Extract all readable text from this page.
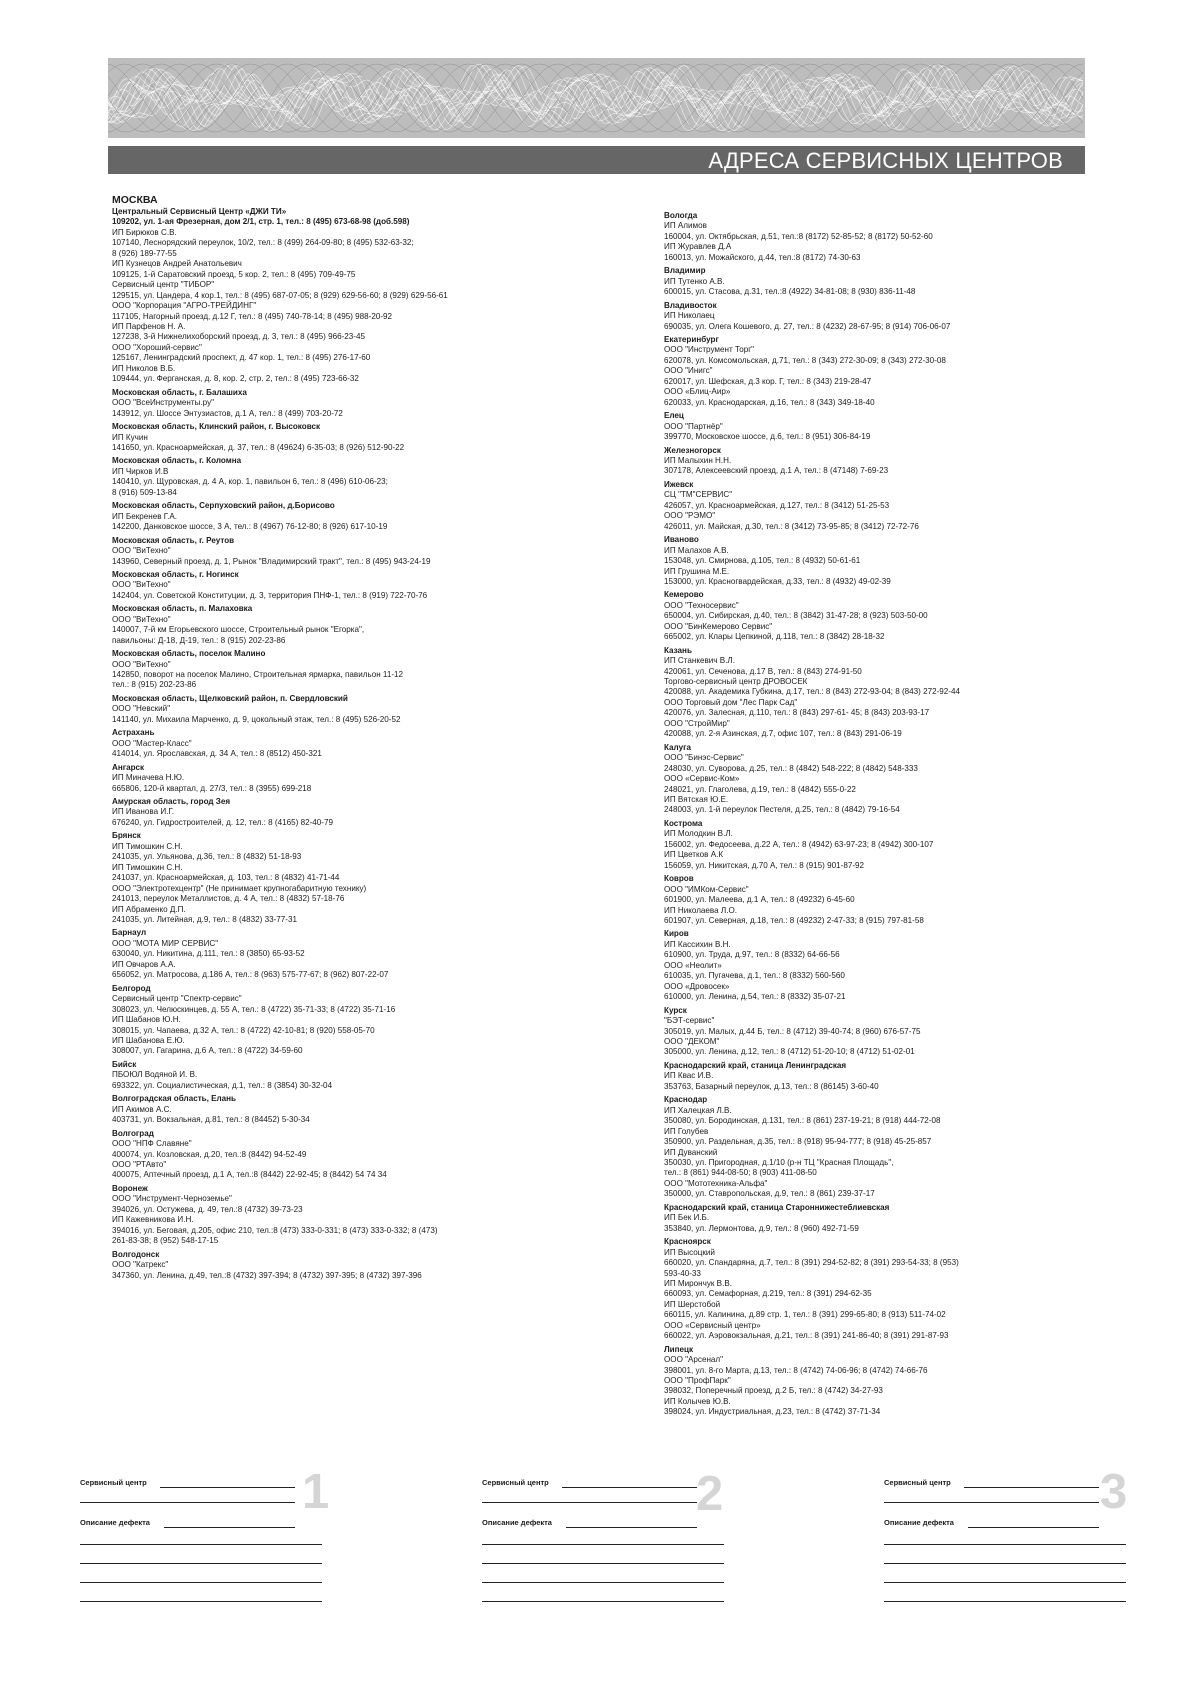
АДРЕСА СЕРВИСНЫХ ЦЕНТРОВ
МОСКВА
Центральный Сервисный Центр «ДЖИ ТИ»
109202, ул. 1-ая Фрезерная, дом 2/1, стр. 1, тел.: 8 (495) 673-68-98 (доб.598)
ИП Бирюков С.В.
107140, Леснорядский переулок, 10/2, тел.: 8 (499) 264-09-80; 8 (495) 532-63-32;
8 (926) 189-77-55
ИП Кузнецов Андрей Анатольевич
109125, 1-й Саратовский проезд, 5 кор. 2, тел.: 8 (495) 709-49-75
Сервисный центр "ТИБОР"
129515, ул. Цандера, 4 кор.1, тел.: 8 (495) 687-07-05; 8 (929) 629-56-60; 8 (929) 629-56-61
ООО "Корпорация "АГРО-ТРЕЙДИНГ"
117105, Нагорный проезд, д.12 Г, тел.: 8 (495) 740-78-14; 8 (495) 988-20-92
ИП Парфенов Н. А.
127238, 3-й Нижнелихоборский проезд, д. 3, тел.: 8 (495) 966-23-45
ООО "Хороший-сервис"
125167, Ленинградский проспект, д. 47 кор. 1, тел.: 8 (495) 276-17-60
ИП Николов В.Б.
109444, ул. Ферганская, д. 8, кор. 2, стр. 2, тел.: 8 (495) 723-66-32
Московская область, г. Балашиха
ООО "ВсеИнструменты.ру"
143912, ул. Шоссе Энтузиастов, д.1 А, тел.: 8 (499) 703-20-72
Московская область, Клинский район, г. Высоковск
ИП Кучин
141650, ул. Красноармейская, д. 37, тел.: 8 (49624) 6-35-03; 8 (926) 512-90-22
Московская область, г. Коломна
ИП Чирков И.В
140410, ул. Щуровская, д. 4 А, кор. 1, павильон 6, тел.: 8 (496) 610-06-23;
8 (916) 509-13-84
Московская область, Серпуховский район, д.Борисово
ИП Бекренев Г.А.
142200, Данковское шоссе, 3 А, тел.: 8 (4967) 76-12-80; 8 (926) 617-10-19
Московская область, г. Реутов
ООО "ВиТехно"
143960, Северный проезд, д. 1, Рынок "Владимирский тракт", тел.: 8 (495) 943-24-19
Московская область, г. Ногинск
ООО "ВиТехно"
142404, ул. Советской Конституции, д. 3, территория ПНФ-1, тел.: 8 (919) 722-70-76
Московская область, п. Малаховка
ООО "ВиТехно"
140007, 7-й км Егорьевского шоссе, Строительный рынок "Егорка",
павильоны: Д-18, Д-19, тел.: 8 (915) 202-23-86
Московская область, поселок Малино
ООО "ВиТехно"
142850, поворот на поселок Малино, Строительная ярмарка, павильон 11-12
тел.: 8 (915) 202-23-86
Московская область, Щелковский район, п. Свердловский
ООО "Невский"
141140, ул. Михаила Марченко, д. 9, цокольный этаж, тел.: 8 (495) 526-20-52
Астрахань
ООО "Мастер-Класс"
414014, ул. Ярославская, д. 34 А, тел.: 8 (8512) 450-321
Ангарск
ИП Миначева Н.Ю.
665806, 120-й квартал, д. 27/3, тел.: 8 (3955) 699-218
Амурская область, город Зея
ИП Иванова И.Г.
676240, ул. Гидростроителей, д. 12, тел.: 8 (4165) 82-40-79
Брянск
ИП Тимошкин С.Н.
241035, ул. Ульянова, д.36, тел.: 8 (4832) 51-18-93
ИП Тимошкин С.Н.
241037, ул. Красноармейская, д. 103, тел.: 8 (4832) 41-71-44
ООО "Электротехцентр" (Не принимает крупногабаритную технику)
241013, переулок Металлистов, д. 4 А, тел.: 8 (4832) 57-18-76
ИП Абраменко Д.П.
241035, ул. Литейная, д.9, тел.: 8 (4832) 33-77-31
Барнаул
ООО "МОТА МИР СЕРВИС"
630040, ул. Никитина, д.111, тел.: 8 (3850) 65-93-52
ИП Овчаров А.А.
656052, ул. Матросова, д.186 А, тел.: 8 (963) 575-77-67; 8 (962) 807-22-07
Белгород
Сервисный центр "Спектр-сервис"
308023, ул. Челюскинцев, д. 55 А, тел.: 8 (4722) 35-71-33; 8 (4722) 35-71-16
ИП Шабанов Ю.Н.
308015, ул. Чапаева, д.32 А, тел.: 8 (4722) 42-10-81; 8 (920) 558-05-70
ИП Шабанова Е.Ю.
308007, ул. Гагарина, д.6 А, тел.: 8 (4722) 34-59-60
Бийск
ПБОЮЛ Водяной И. В.
693322, ул. Социалистическая, д.1, тел.: 8 (3854) 30-32-04
Волгоградская область, Елань
ИП Акимов А.С.
403731, ул. Вокзальная, д.81, тел.: 8 (84452) 5-30-34
Волгоград
ООО "НПФ Славяне"
400074, ул. Козловская, д.20, тел.:8 (8442) 94-52-49
ООО "РТАвто"
400075, Аптечный проезд, д.1 А, тел.:8 (8442) 22-92-45; 8 (8442) 54 74 34
Воронеж
ООО "Инструмент-Черноземье"
394026, ул. Остужева, д. 49, тел.:8 (4732) 39-73-23
ИП Кажевникова И.Н.
394016, ул. Беговая, д.205, офис 210, тел.:8 (473) 333-0-331; 8 (473) 333-0-332; 8 (473)
261-83-38; 8 (952) 548-17-15
Волгодонск
ООО "Катрекс"
347360, ул. Ленина, д.49, тел.:8 (4732) 397-394; 8 (4732) 397-395; 8 (4732) 397-396
Вологда
ИП Алимов
160004, ул. Октябрьская, д.51, тел.:8 (8172) 52-85-52; 8 (8172) 50-52-60
ИП Журавлев Д.А
160013, ул. Можайского, д.44, тел.:8 (8172) 74-30-63
Владимир
ИП Тутенко А.В.
600015, ул. Стасова, д.31, тел.:8 (4922) 34-81-08; 8 (930) 836-11-48
Владивосток
ИП Николаец
690035, ул. Олега Кошевого, д. 27, тел.: 8 (4232) 28-67-95; 8 (914) 706-06-07
Екатеринбург
ООО "Инструмент Торг"
620078, ул. Комсомольская, д.71, тел.: 8 (343) 272-30-09; 8 (343) 272-30-08
ООО "Инигс"
620017, ул. Шефская, д.3 кор. Г, тел.: 8 (343) 219-28-47
ООО «Блиц-Аир»
620033, ул. Краснодарская, д.16, тел.: 8 (343) 349-18-40
Елец
ООО "Партнёр"
399770, Московское шоссе, д.6, тел.: 8 (951) 306-84-19
Железногорск
ИП Малыхин Н.Н.
307178, Алексеевский проезд, д.1 А, тел.: 8 (47148) 7-69-23
Ижевск
СЦ "ТМ"СЕРВИС"
426057, ул. Красноармейская, д.127, тел.: 8 (3412) 51-25-53
ООО "РЭМО"
426011, ул. Майская, д.30, тел.: 8 (3412) 73-95-85; 8 (3412) 72-72-76
Иваново
ИП Малахов А.В.
153048, ул. Смирнова, д.105, тел.: 8 (4932) 50-61-61
ИП Грушина М.Е.
153000, ул. Красногвардейская, д.33, тел.: 8 (4932) 49-02-39
Кемерово
ООО "Техносервис"
650004, ул. Сибирская, д.40, тел.: 8 (3842) 31-47-28; 8 (923) 503-50-00
ООО "БинКемерово Сервис"
665002, ул. Клары Цепкиной, д.118, тел.: 8 (3842) 28-18-32
Казань
ИП Станкевич В.Л.
420061, ул. Сеченова, д.17 В, тел.: 8 (843) 274-91-50
Торгово-сервисный центр ДРОВОСЕК
420088, ул. Академика Губкина, д.17, тел.: 8 (843) 272-93-04; 8 (843) 272-92-44
ООО Торговый дом "Лес Парк Сад"
420076, ул. Залесная, д.110, тел.: 8 (843) 297-61- 45; 8 (843) 203-93-17
ООО "СтройМир"
420088, ул. 2-я Азинская, д.7, офис 107, тел.: 8 (843) 291-06-19
Калуга
ООО "Бинэс-Сервис"
248030, ул. Суворова, д.25, тел.: 8 (4842) 548-222; 8 (4842) 548-333
ООО «Сервис-Ком»
248021, ул. Глаголева, д.19, тел.: 8 (4842) 555-0-22
ИП Вятская Ю.Е.
248003, ул. 1-й переулок Пестеля, д.25, тел.: 8 (4842) 79-16-54
Кострома
ИП Молодкин В.Л.
156002, ул. Федосеева, д.22 А, тел.: 8 (4942) 63-97-23; 8 (4942) 300-107
ИП Цветков А.К
156059, ул. Никитская, д.70 А, тел.: 8 (915) 901-87-92
Ковров
ООО "ИМКом-Сервис"
601900, ул. Малеева, д.1 А, тел.: 8 (49232) 6-45-60
ИП Николаева Л.О.
601907, ул. Северная, д.18, тел.: 8 (49232) 2-47-33; 8 (915) 797-81-58
Киров
ИП Кассихин В.Н.
610900, ул. Труда, д.97, тел.: 8 (8332) 64-66-56
ООО «Неолит»
610035, ул. Пугачева, д.1, тел.: 8 (8332) 560-560
ООО «Дровосек»
610000, ул. Ленина, д.54, тел.: 8 (8332) 35-07-21
Курск
"БЭТ-сервис"
305019, ул. Малых, д.44 Б, тел.: 8 (4712) 39-40-74; 8 (960) 676-57-75
ООО "ДЕКОМ"
305000, ул. Ленина, д.12, тел.: 8 (4712) 51-20-10; 8 (4712) 51-02-01
Краснодарский край, станица Ленинградская
ИП Квас И.В.
353763, Базарный переулок, д.13, тел.: 8 (86145) 3-60-40
Краснодар
ИП Халецкая Л.В.
350080, ул. Бородинская, д.131, тел.: 8 (861) 237-19-21; 8 (918) 444-72-08
ИП Голубев
350900, ул. Раздельная, д.35, тел.: 8 (918) 95-94-777; 8 (918) 45-25-857
ИП Дуванский
350030, ул. Пригородная, д.1/10 (р-н ТЦ "Красная Площадь",
тел.: 8 (861) 944-08-50; 8 (903) 411-08-50
ООО "Мототехника-Альфа"
350000, ул. Ставропольская, д.9, тел.: 8 (861) 239-37-17
Краснодарский край, станица Староннижестеблиевская
ИП Бек И.Б.
353840, ул. Лермонтова, д.9, тел.: 8 (960) 492-71-59
Красноярск
ИП Высоцкий
660020, ул. Спандаряна, д.7, тел.: 8 (391) 294-52-82; 8 (391) 293-54-33; 8 (953)
593-40-33
ИП Мирончук В.В.
660093, ул. Семафорная, д.219, тел.: 8 (391) 294-62-35
ИП Шерстобой
660115, ул. Калинина, д.89 стр. 1, тел.: 8 (391) 299-65-80; 8 (913) 511-74-02
ООО «Сервисный центр»
660022, ул. Аэровокзальная, д.21, тел.: 8 (391) 241-86-40; 8 (391) 291-87-93
Липецк
ООО "Арсенал"
398001, ул. 8-го Марта, д.13, тел.: 8 (4742) 74-06-96; 8 (4742) 74-66-76
ООО "ПрофПарк"
398032, Поперечный проезд, д.2 Б, тел.: 8 (4742) 34-27-93
ИП Колычев Ю.В.
398024, ул. Индустриальная, д.23, тел.: 8 (4742) 37-71-34
Сервисный центр
Описание дефекта
1	Сервисный центр
Описание дефекта
2	Сервисный центр
Описание дефекта
3
